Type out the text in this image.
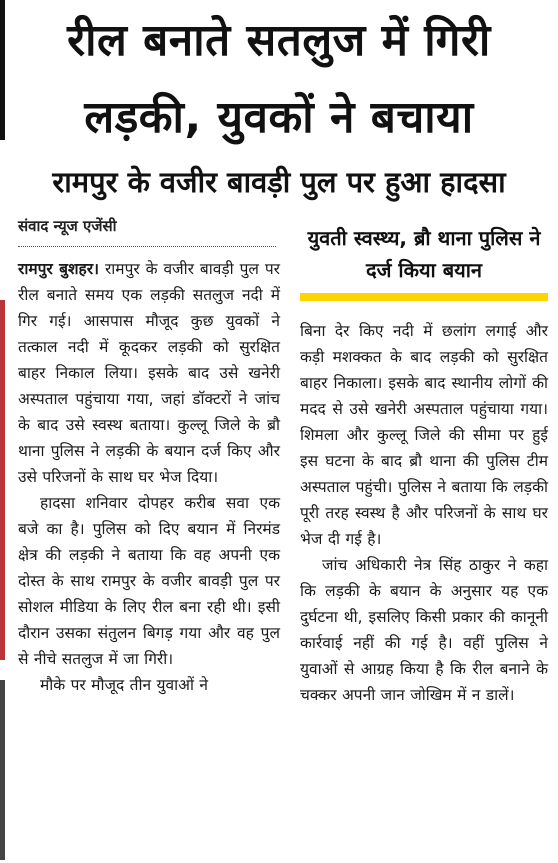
रील बनाते सतलुज में गिरी लड़की, युवकों ने बचाया
रामपुर के वजीर बावड़ी पुल पर हुआ हादसा
संवाद न्यूज एजेंसी	युवती स्वस्थ्य, ब्रौ थाना पुलिस ने दर्ज किया बयान

रामपुर बुशहर। रामपुर के वजीर बावड़ी पुल पर रील बनाते समय एक लड़की सतलुज नदी में गिर गई। आसपास मौजूद कुछ युवकों ने तत्काल नदी में कूदकर लड़की को सुरक्षित बाहर निकाल लिया। इसके बाद उसे खनेरी अस्पताल पहुंचाया गया, जहां डॉक्टरों ने जांच के बाद उसे स्वस्थ बताया। कुल्लू जिले के ब्रौ थाना पुलिस ने लड़की के बयान दर्ज किए और उसे परिजनों के साथ घर भेज दिया।

हादसा शनिवार दोपहर करीब सवा एक बजे का है। पुलिस को दिए बयान में निरमंड क्षेत्र की लड़की ने बताया कि वह अपनी एक दोस्त के साथ रामपुर के वजीर बावड़ी पुल पर सोशल मीडिया के लिए रील बना रही थी। इसी दौरान उसका संतुलन बिगड़ गया और वह पुल से नीचे सतलुज में जा गिरी।

मौके पर मौजूद तीन युवाओं ने

बिना देर किए नदी में छलांग लगाई और कड़ी मशक्कत के बाद लड़की को सुरक्षित बाहर निकाला। इसके बाद स्थानीय लोगों की मदद से उसे खनेरी अस्पताल पहुंचाया गया। शिमला और कुल्लू जिले की सीमा पर हुई इस घटना के बाद ब्रौ थाना की पुलिस टीम अस्पताल पहुंची। पुलिस ने बताया कि लड़की पूरी तरह स्वस्थ है और परिजनों के साथ घर भेज दी गई है।

जांच अधिकारी नेत्र सिंह ठाकुर ने कहा कि लड़की के बयान के अनुसार यह एक दुर्घटना थी, इसलिए किसी प्रकार की कानूनी कार्रवाई नहीं की गई है। वहीं पुलिस ने युवाओं से आग्रह किया है कि रील बनाने के चक्कर अपनी जान जोखिम में न डालें।
